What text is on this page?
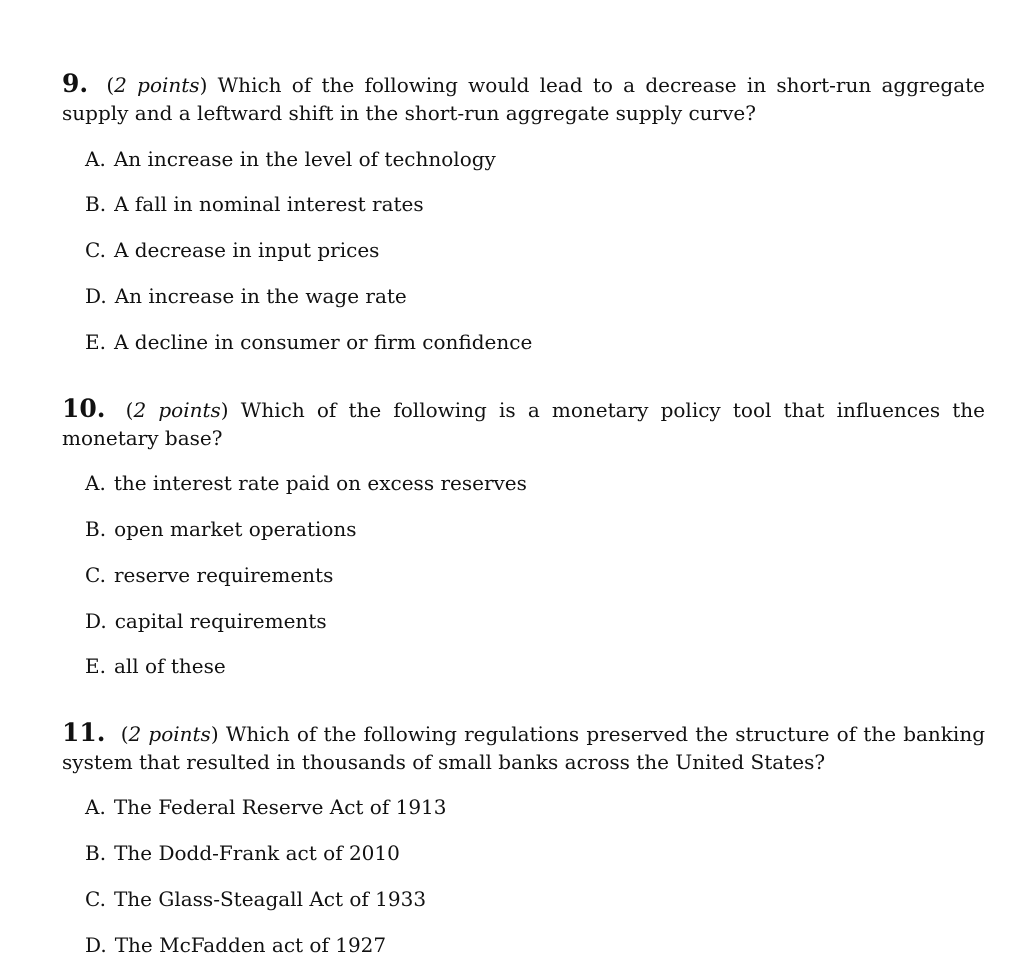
9. (2 points) Which of the following would lead to a decrease in short-run aggregate supply and a leftward shift in the short-run aggregate supply curve?
A. An increase in the level of technology
B. A fall in nominal interest rates
C. A decrease in input prices
D. An increase in the wage rate
E. A decline in consumer or firm confidence
10. (2 points) Which of the following is a monetary policy tool that influences the monetary base?
A. the interest rate paid on excess reserves
B. open market operations
C. reserve requirements
D. capital requirements
E. all of these
11. (2 points) Which of the following regulations preserved the structure of the banking system that resulted in thousands of small banks across the United States?
A. The Federal Reserve Act of 1913
B. The Dodd-Frank act of 2010
C. The Glass-Steagall Act of 1933
D. The McFadden act of 1927
